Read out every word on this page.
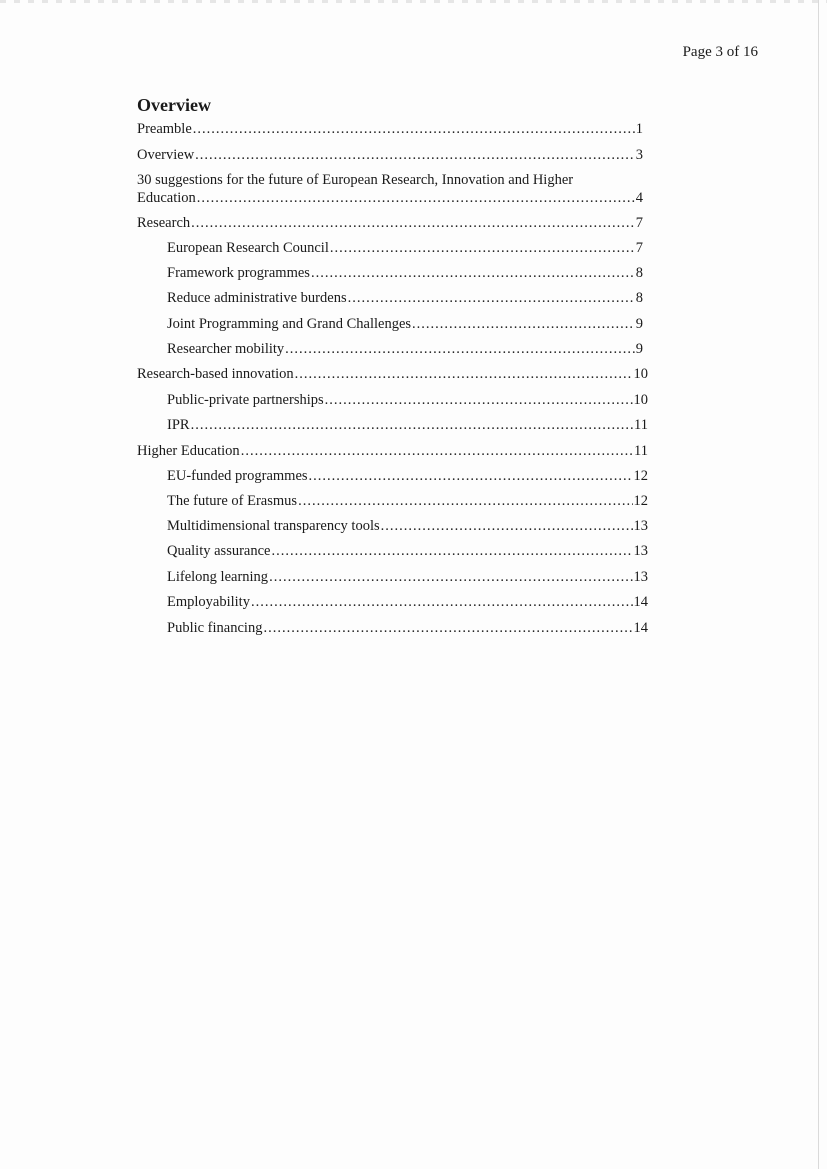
Page 3 of 16
Overview
Preamble .....	1
Overview .....	3
30 suggestions for the future of European Research, Innovation and Higher
Education .....	4
Research .....	7
European Research Council .....	7
Framework programmes .....	8
Reduce administrative burdens .....	8
Joint Programming and Grand Challenges .....	9
Researcher mobility .....	9
Research-based innovation .....	10
Public-private partnerships .....	10
IPR .....	11
Higher Education .....	11
EU-funded programmes .....	12
The future of Erasmus .....	12
Multidimensional transparency tools .....	13
Quality assurance .....	13
Lifelong learning .....	13
Employability .....	14
Public financing .....	14
